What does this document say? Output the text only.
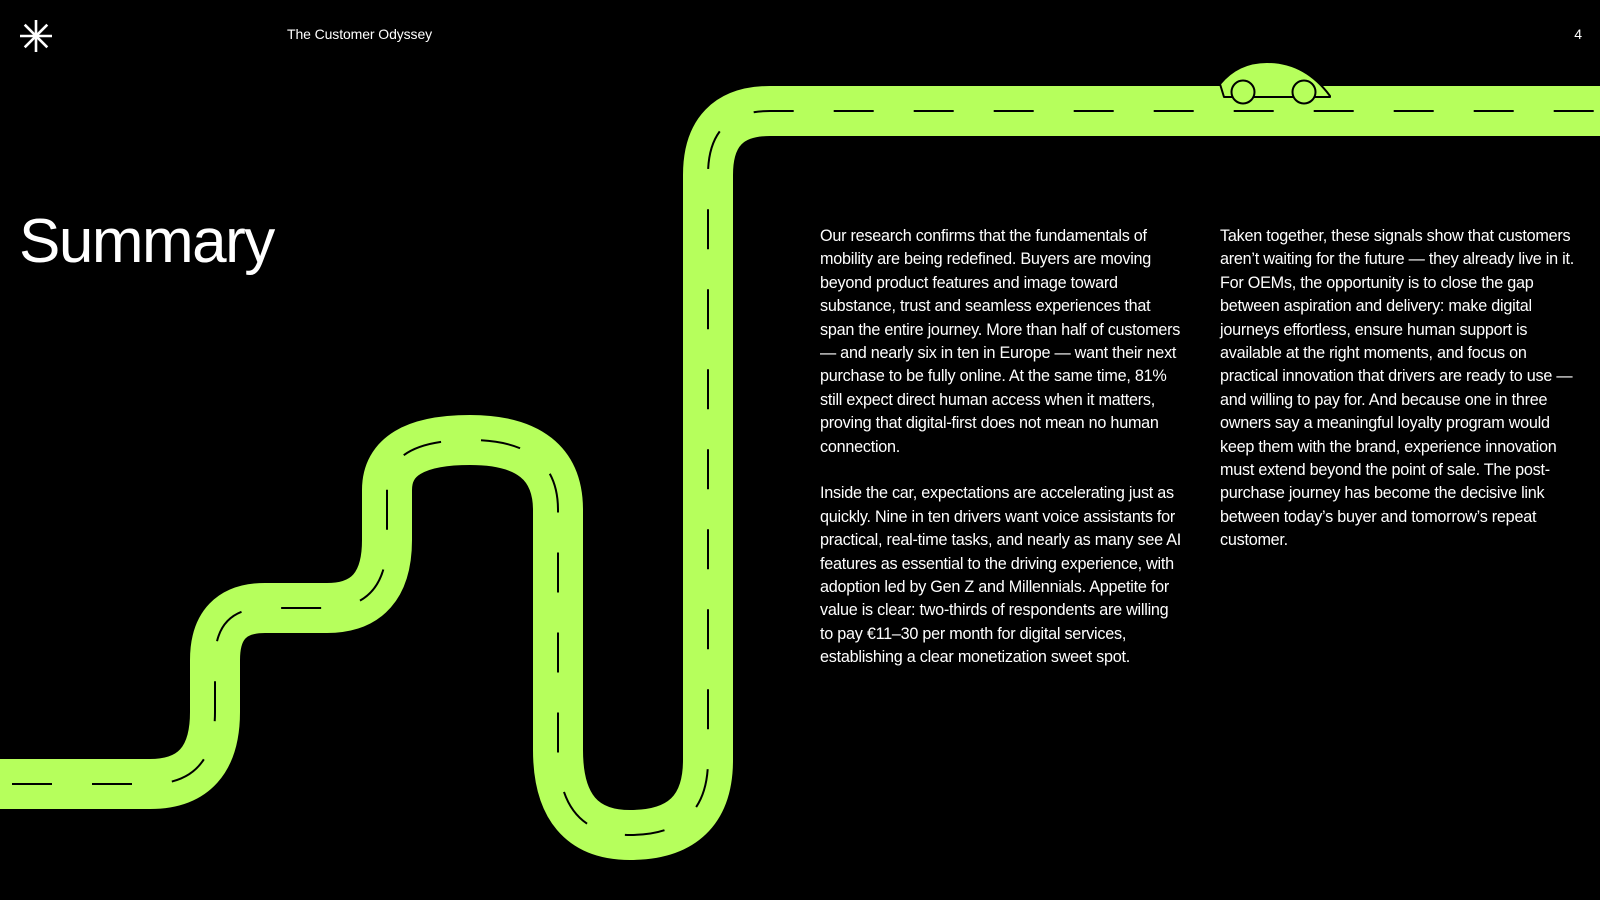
The Customer Odyssey	4
Summary	Our research confirms that the fundamentals of mobility are being redefined. Buyers are moving beyond product features and image toward substance, trust and seamless experiences that span the entire journey. More than half of customers — and nearly six in ten in Europe — want their next purchase to be fully online. At the same time, 81% still expect direct human access when it matters, proving that digital-first does not mean no human connection.

Inside the car, expectations are accelerating just as quickly. Nine in ten drivers want voice assistants for practical, real-time tasks, and nearly as many see AI features as essential to the driving experience, with adoption led by Gen Z and Millennials. Appetite for value is clear: two-thirds of respondents are willing to pay €11–30 per month for digital services, establishing a clear monetization sweet spot.

Taken together, these signals show that customers aren’t waiting for the future — they already live in it. For OEMs, the opportunity is to close the gap between aspiration and delivery: make digital journeys effortless, ensure human support is available at the right moments, and focus on practical innovation that drivers are ready to use — and willing to pay for. And because one in three owners say a meaningful loyalty program would keep them with the brand, experience innovation must extend beyond the point of sale. The post-purchase journey has become the decisive link between today’s buyer and tomorrow’s repeat customer.
